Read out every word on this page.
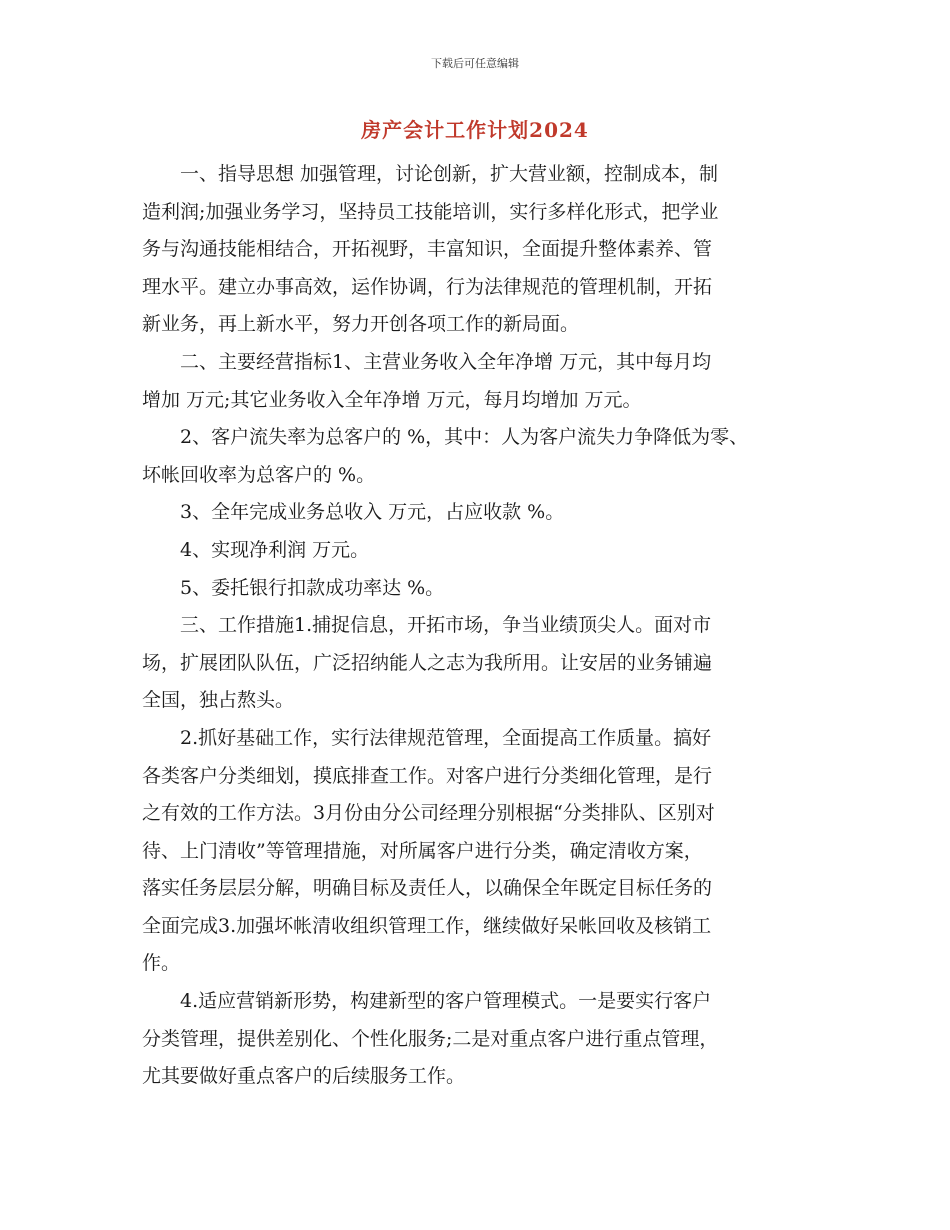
下载后可任意编辑
房产会计工作计划2024

　　一、指导思想 加强管理，讨论创新，扩大营业额，控制成本，制

造利润;加强业务学习，坚持员工技能培训，实行多样化形式，把学业

务与沟通技能相结合，开拓视野，丰富知识，全面提升整体素养、管

理水平。建立办事高效，运作协调，行为法律规范的管理机制，开拓

新业务，再上新水平，努力开创各项工作的新局面。

　　二、主要经营指标1、主营业务收入全年净增 万元，其中每月均

增加 万元;其它业务收入全年净增 万元，每月均增加 万元。

　　2、客户流失率为总客户的 %，其中：人为客户流失力争降低为零、

坏帐回收率为总客户的 %。

　　3、全年完成业务总收入 万元，占应收款 %。

　　4、实现净利润 万元。

　　5、委托银行扣款成功率达 %。

　　三、工作措施1.捕捉信息，开拓市场，争当业绩顶尖人。面对市

场，扩展团队队伍，广泛招纳能人之志为我所用。让安居的业务铺遍

全国，独占熬头。

　　2.抓好基础工作，实行法律规范管理，全面提高工作质量。搞好

各类客户分类细划，摸底排查工作。对客户进行分类细化管理，是行

之有效的工作方法。3月份由分公司经理分别根据“分类排队、区别对

待、上门清收”等管理措施，对所属客户进行分类，确定清收方案，

落实任务层层分解，明确目标及责任人，以确保全年既定目标任务的

全面完成3.加强坏帐清收组织管理工作，继续做好呆帐回收及核销工

作。

　　4.适应营销新形势，构建新型的客户管理模式。一是要实行客户

分类管理，提供差别化、个性化服务;二是对重点客户进行重点管理，

尤其要做好重点客户的后续服务工作。
